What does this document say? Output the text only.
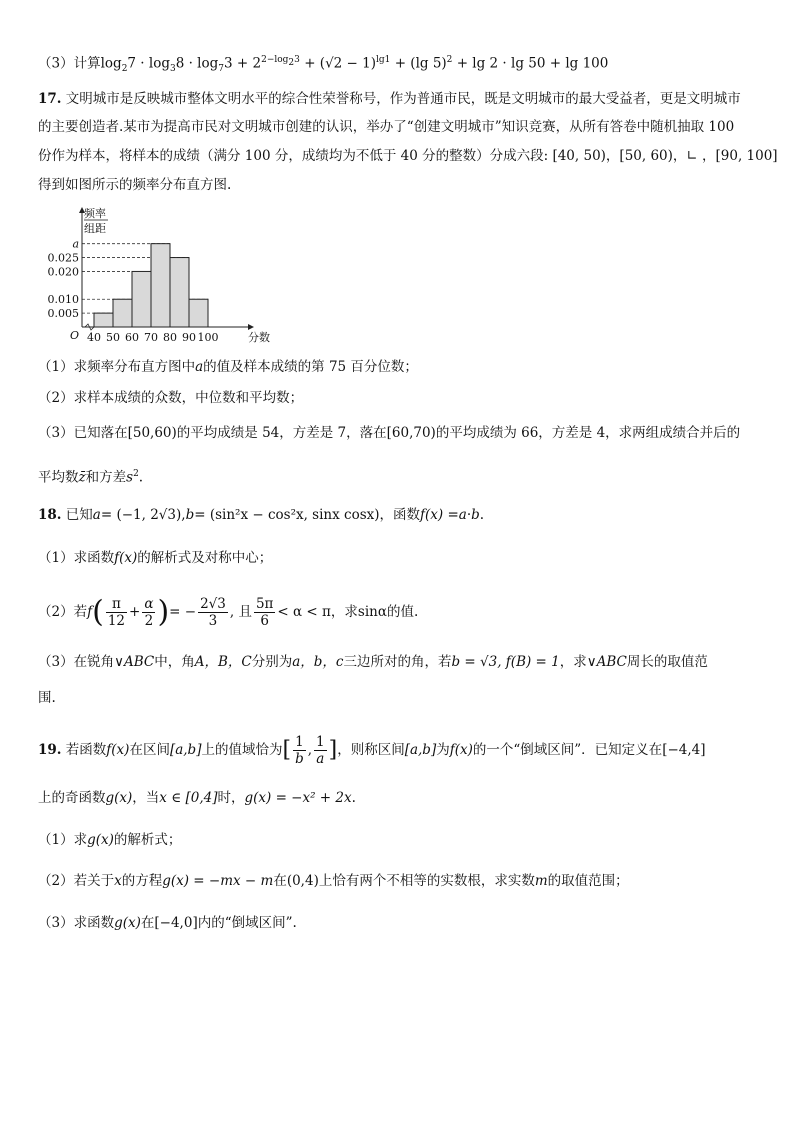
（3）计算$\log_27 \cdot \log_38 \cdot \log_73 + 2^{2-log_23} + (√2 - 1)^{lg1} + (\lg$ 5)$^2$ + lg 2 · lg 50 + lg 100
17. 文明城市是反映城市整体文明水平的综合性荣誉称号，作为普通市民，既是文明城市的最大受益者，更是文明城市
的主要创造者.某市为提高市民对文明城市创建的认识，举办了“创建文明城市”知识竞赛，从所有答卷中随机抽取 100
份作为样本，将样本的成绩（满分 100 分，成绩均为不低于 40 分的整数）分成六段: [40, 50)，[50, 60)，∟ ，[90, 100]
得到如图所示的频率分布直方图.
0.005
0.010
0.020
0.025
a
40 50 60 70 80 90 100
O
频率
组距
分数
（1）求频率分布直方图中a的值及样本成绩的第 75 百分位数；
（2）求样本成绩的众数，中位数和平均数；
（3）已知落在[50,60)的平均成绩是 54，方差是 7，落在[60,70)的平均成绩为 66，方差是 4，求两组成绩合并后的
平均数z̄和方差$s^2$.
18. 已知a= (−1, 2√3),b= (sin²x − cos²x, sinx cosx)，函数f(x) =a·b.
（1）求函数f(x)的解析式及对称中心；
（2）若$f( \frac{\pi}{12} + \frac{\alpha}{2}$ )= − $\frac{2√3}{3}$ , 且 $\frac{5\pi}{6} < \alpha < \pi$，求sinα的值.
（3）在锐角∨ABC中，角A，B，C分别为a，b，c三边所对的角，若b = √3, f(B) = 1，求∨ABC周长的取值范
围.
19. 若函数f(x)在区间[a,b]上的值域恰为[ $\frac{1}{b}$ , $\frac{1}{a}$ ]，则称区间[a,b]为f(x)的一个“倒域区间”．已知定义在[−4,4]
上的奇函数g(x)，当x ∈ [0,4]时，g(x) = −x² + 2x.
（1）求g(x)的解析式；
（2）若关于x的方程g(x) = −mx − m在(0,4)上恰有两个不相等的实数根，求实数m的取值范围；
（3）求函数g(x)在[−4,0]内的“倒域区间”.
